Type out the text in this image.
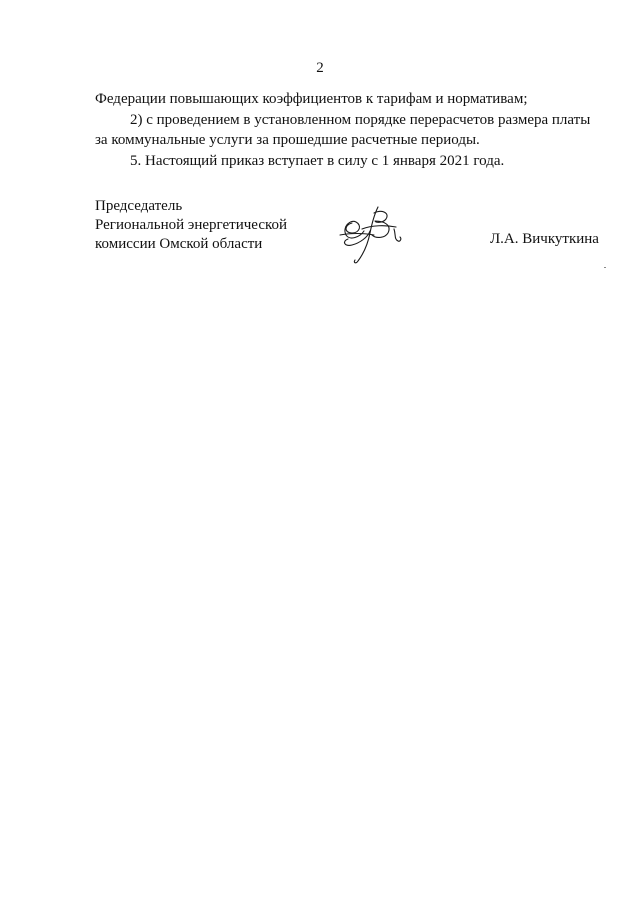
2

Федерации повышающих коэффициентов к тарифам и нормативам;

2) с проведением в установленном порядке перерасчетов размера платы

за коммунальные услуги за прошедшие расчетные периоды.

5. Настоящий приказ вступает в силу с 1 января 2021 года.

Председатель
Региональной энергетической
комиссии Омской области	Л.А. Вичкуткина
